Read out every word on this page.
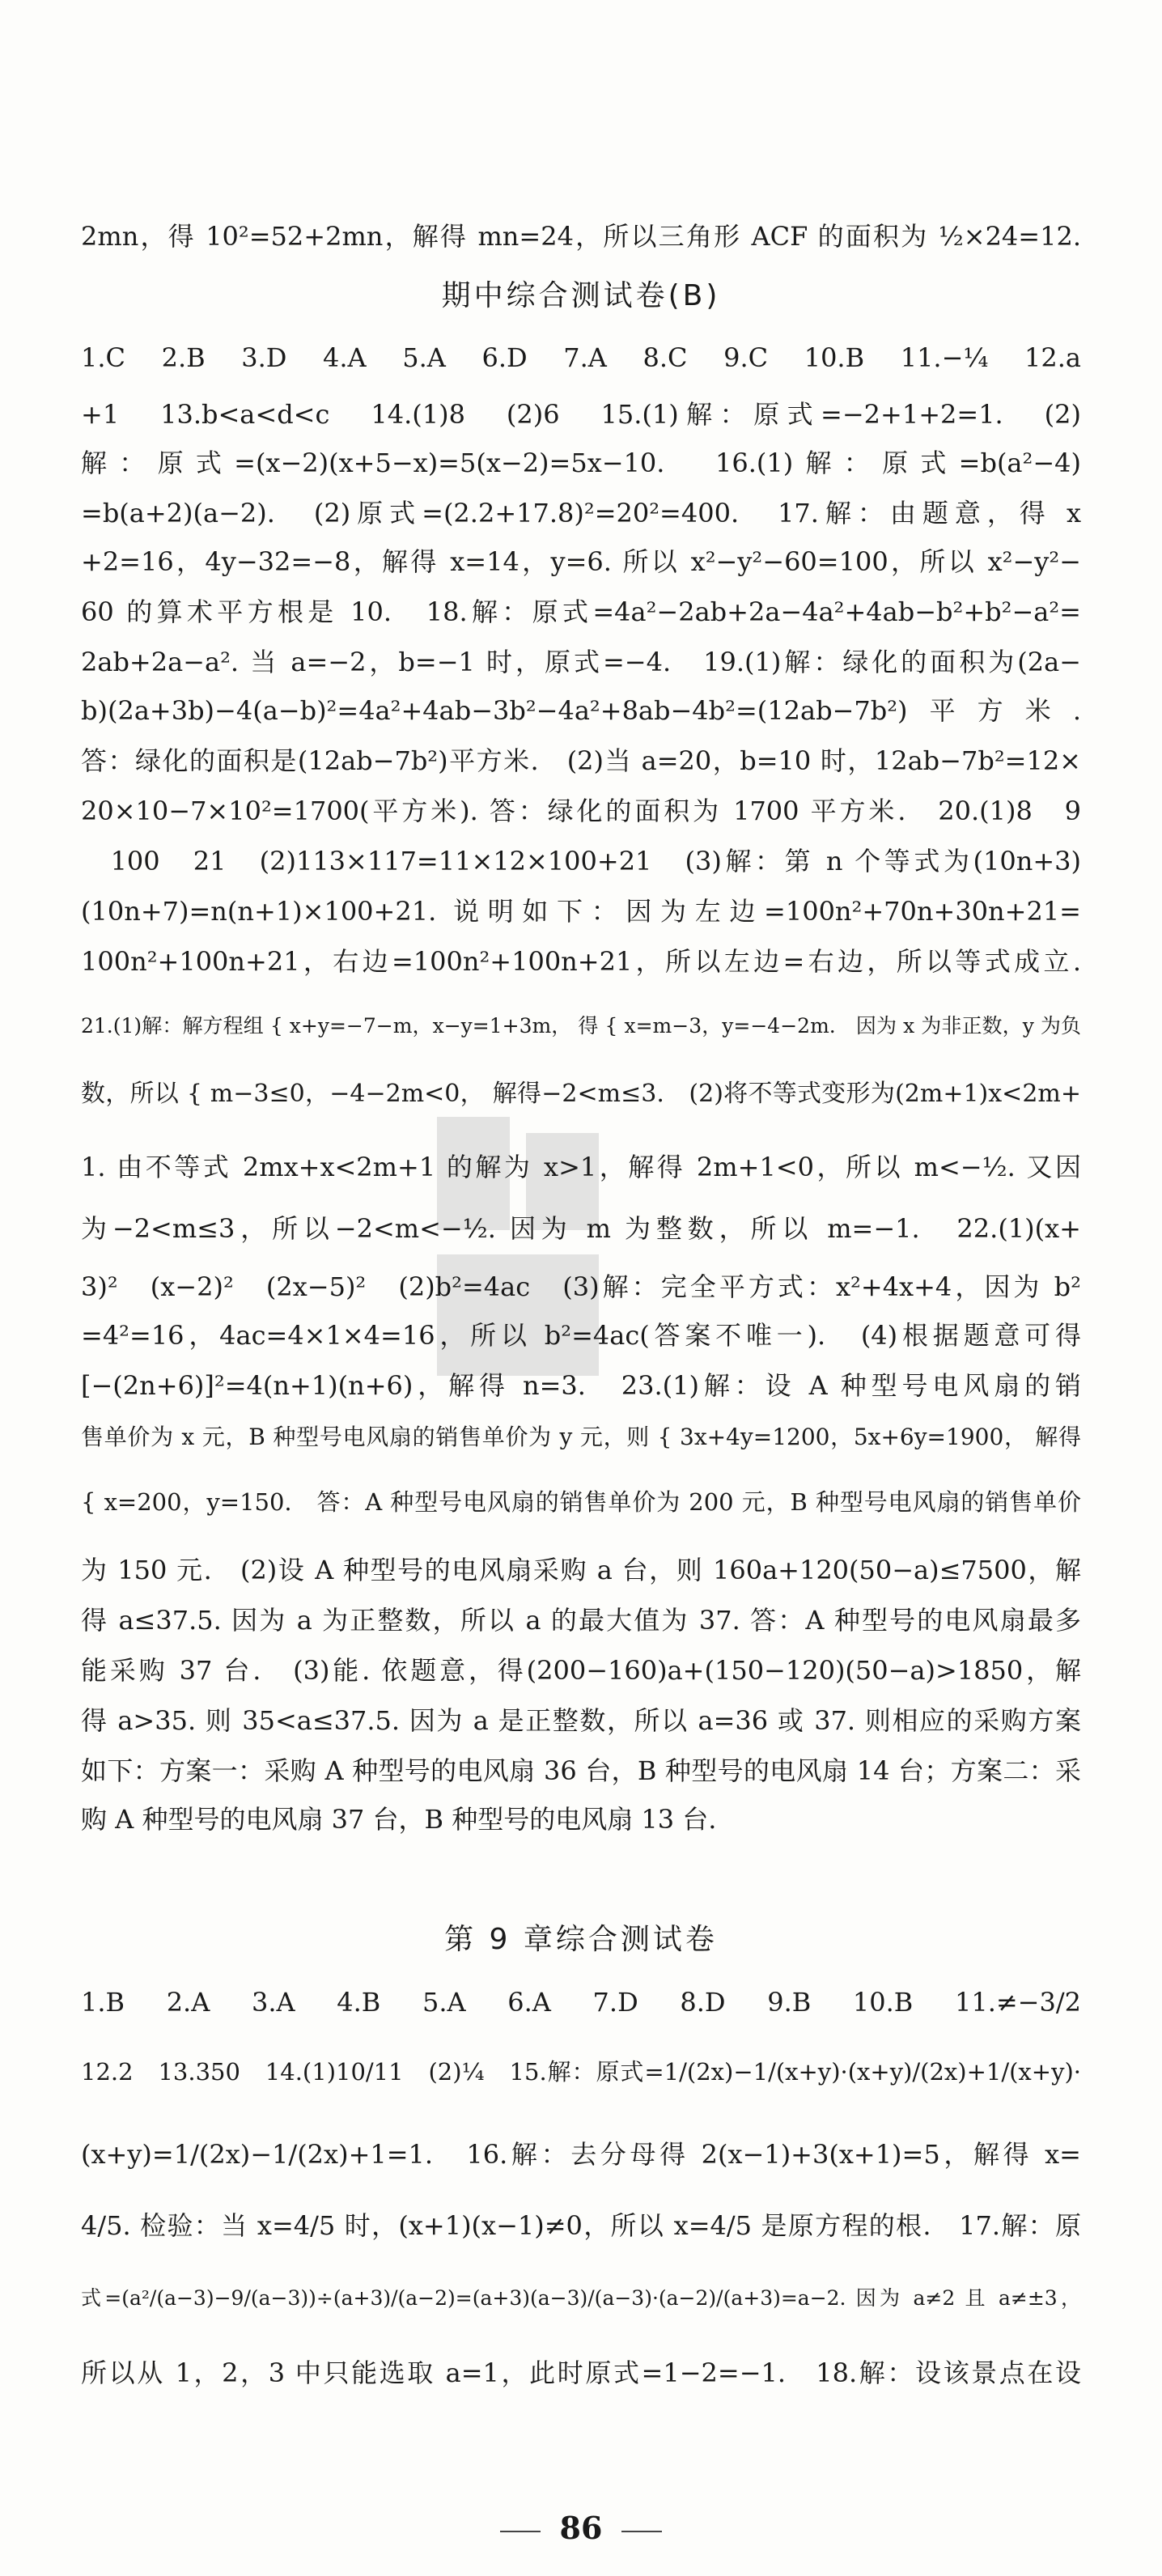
2mn，得 10²=52+2mn，解得 mn=24，所以三角形 ACF 的面积为 ½×24=12.
期中综合测试卷(B)
1.C　2.B　3.D　4.A　5.A　6.D　7.A　8.C　9.C　10.B　11.−¼　12.a
+1　13.b<a<d<c　14.(1)8　(2)6　15.(1)解：原式=−2+1+2=1.　(2)
解：原式=(x−2)(x+5−x)=5(x−2)=5x−10.　16.(1)解：原式=b(a²−4)
=b(a+2)(a−2).　(2)原式=(2.2+17.8)²=20²=400.　17.解：由题意，得 x
+2=16，4y−32=−8，解得 x=14，y=6. 所以 x²−y²−60=100，所以 x²−y²−
60 的算术平方根是 10.　18.解：原式=4a²−2ab+2a−4a²+4ab−b²+b²−a²=
2ab+2a−a². 当 a=−2，b=−1 时，原式=−4.　19.(1)解：绿化的面积为(2a−
b)(2a+3b)−4(a−b)²=4a²+4ab−3b²−4a²+8ab−4b²=(12ab−7b²)平方米.
答：绿化的面积是(12ab−7b²)平方米.　(2)当 a=20，b=10 时，12ab−7b²=12×
20×10−7×10²=1700(平方米). 答：绿化的面积为 1700 平方米.　20.(1)8　9
　100　21　(2)113×117=11×12×100+21　(3)解：第 n 个等式为(10n+3)
(10n+7)=n(n+1)×100+21. 说明如下：因为左边=100n²+70n+30n+21=
100n²+100n+21，右边=100n²+100n+21，所以左边=右边，所以等式成立.
21.(1)解：解方程组 { x+y=−7−m，x−y=1+3m， 得 { x=m−3，y=−4−2m.　因为 x 为非正数，y 为负
数，所以 { m−3≤0，−4−2m<0， 解得−2<m≤3.　(2)将不等式变形为(2m+1)x<2m+
1. 由不等式 2mx+x<2m+1 的解为 x>1，解得 2m+1<0，所以 m<−½. 又因
为−2<m≤3，所以−2<m<−½. 因为 m 为整数，所以 m=−1.　22.(1)(x+
3)²　(x−2)²　(2x−5)²　(2)b²=4ac　(3)解：完全平方式：x²+4x+4，因为 b²
=4²=16，4ac=4×1×4=16，所以 b²=4ac(答案不唯一).　(4)根据题意可得
[−(2n+6)]²=4(n+1)(n+6)，解得 n=3.　23.(1)解：设 A 种型号电风扇的销
售单价为 x 元，B 种型号电风扇的销售单价为 y 元，则 { 3x+4y=1200，5x+6y=1900， 解得
{ x=200，y=150.　答：A 种型号电风扇的销售单价为 200 元，B 种型号电风扇的销售单价
为 150 元.　(2)设 A 种型号的电风扇采购 a 台，则 160a+120(50−a)≤7500，解
得 a≤37.5. 因为 a 为正整数，所以 a 的最大值为 37. 答：A 种型号的电风扇最多
能采购 37 台.　(3)能. 依题意，得(200−160)a+(150−120)(50−a)>1850，解
得 a>35. 则 35<a≤37.5. 因为 a 是正整数，所以 a=36 或 37. 则相应的采购方案
如下：方案一：采购 A 种型号的电风扇 36 台，B 种型号的电风扇 14 台；方案二：采
购 A 种型号的电风扇 37 台，B 种型号的电风扇 13 台.
第 9 章综合测试卷
1.B　2.A　3.A　4.B　5.A　6.A　7.D　8.D　9.B　10.B　11.≠−3/2
12.2　13.350　14.(1)10/11　(2)¼　15.解：原式=1/(2x)−1/(x+y)·(x+y)/(2x)+1/(x+y)·
(x+y)=1/(2x)−1/(2x)+1=1.　16.解：去分母得 2(x−1)+3(x+1)=5，解得 x=
4/5. 检验：当 x=4/5 时，(x+1)(x−1)≠0，所以 x=4/5 是原方程的根.　17.解：原
式=(a²/(a−3)−9/(a−3))÷(a+3)/(a−2)=(a+3)(a−3)/(a−3)·(a−2)/(a+3)=a−2. 因为 a≠2 且 a≠±3，
所以从 1，2，3 中只能选取 a=1，此时原式=1−2=−1.　18.解：设该景点在设
86
